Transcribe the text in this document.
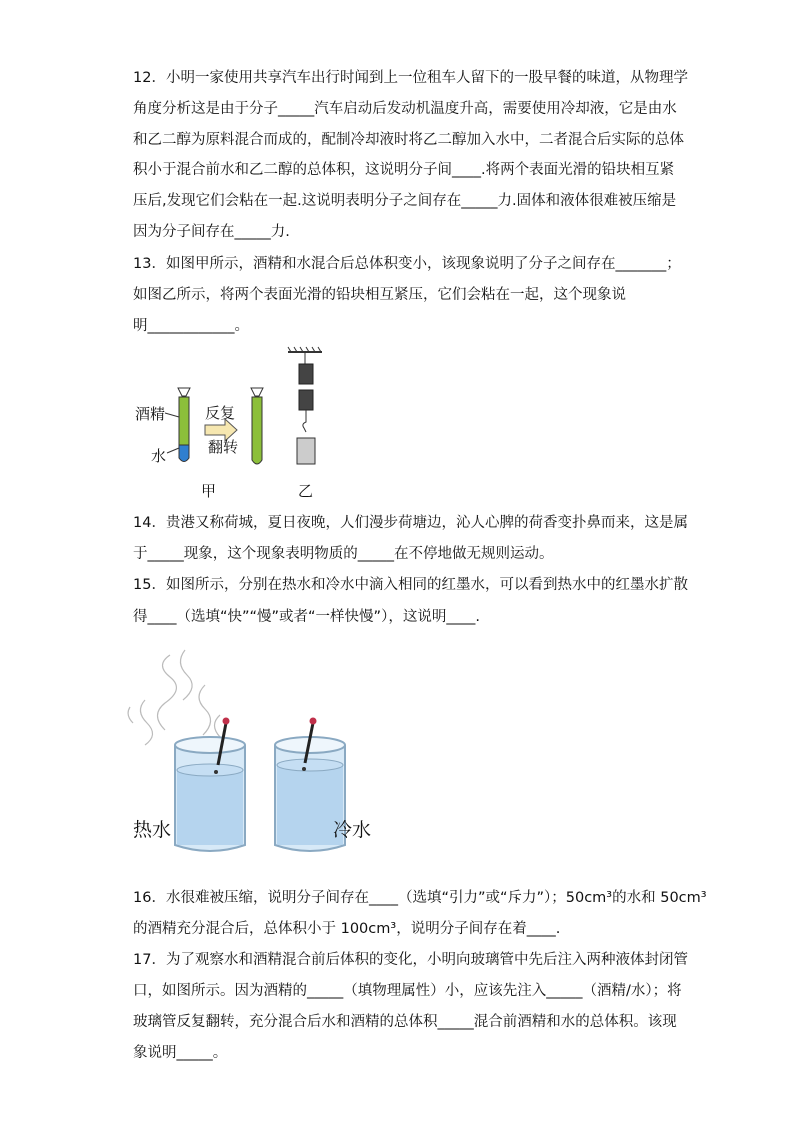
12．小明一家使用共享汽车出行时闻到上一位租车人留下的一股早餐的味道，从物理学
角度分析这是由于分子_____汽车启动后发动机温度升高，需要使用冷却液，它是由水
和乙二醇为原料混合而成的，配制冷却液时将乙二醇加入水中，二者混合后实际的总体
积小于混合前水和乙二醇的总体积，这说明分子间____.将两个表面光滑的铅块相互紧
压后,发现它们会粘在一起.这说明表明分子之间存在_____力.固体和液体很难被压缩是
因为分子间存在_____力.
13．如图甲所示，酒精和水混合后总体积变小，该现象说明了分子之间存在_______；
如图乙所示，将两个表面光滑的铅块相互紧压，它们会粘在一起，这个现象说
明____________。
酒精
水
反复
翻转
甲	乙
14．贵港又称荷城，夏日夜晚，人们漫步荷塘边，沁人心脾的荷香变扑鼻而来，这是属
于_____现象，这个现象表明物质的_____在不停地做无规则运动。
15．如图所示，分别在热水和冷水中滴入相同的红墨水，可以看到热水中的红墨水扩散
得____（选填“快”“慢”或者“一样快慢”），这说明____.
热水	冷水
16．水很难被压缩，说明分子间存在____（选填“引力”或“斥力”）；50cm³的水和 50cm³
的酒精充分混合后，总体积小于 100cm³，说明分子间存在着____.
17．为了观察水和酒精混合前后体积的变化，小明向玻璃管中先后注入两种液体封闭管
口，如图所示。因为酒精的_____（填物理属性）小，应该先注入_____（酒精/水）；将
玻璃管反复翻转，充分混合后水和酒精的总体积_____混合前酒精和水的总体积。该现
象说明_____。
